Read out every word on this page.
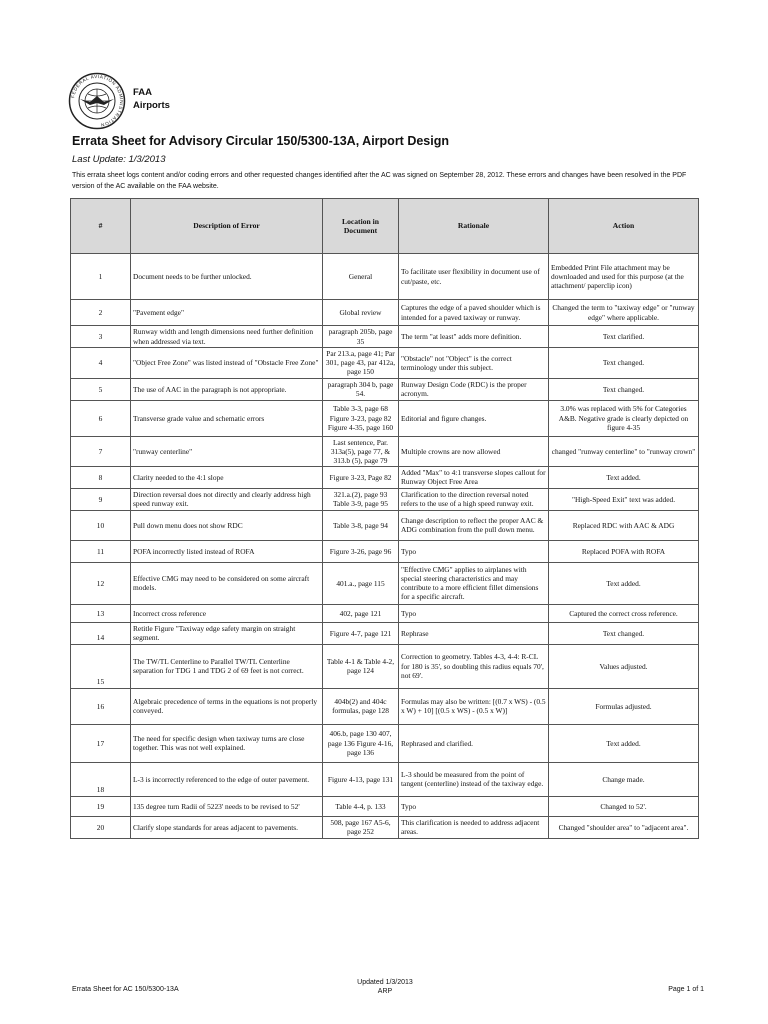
FEDERAL AVIATION ADMINISTRATION
FAA
Airports
Errata Sheet for Advisory Circular 150/5300-13A, Airport Design
Last Update: 1/3/2013
This errata sheet logs content and/or coding errors and other requested changes identified after the AC was signed on September 28, 2012. These errors and changes have been resolved in the PDF version of the AC available on the FAA website.
#	Description of Error	Location in Document	Rationale	Action
1	Document needs to be further unlocked.	General	To facilitate user flexibility in document use of cut/paste, etc.	Embedded Print File attachment may be downloaded and used for this purpose (at the attachment/ paperclip icon)
2	"Pavement edge"	Global review	Captures the edge of a paved shoulder which is intended for a paved taxiway or runway.	Changed the term to "taxiway edge" or "runway edge" where applicable.
3	Runway width and length dimensions need further definition when addressed via text.	paragraph 205b, page 35	The term "at least" adds more definition.	Text clarified.
4	"Object Free Zone" was listed instead of "Obstacle Free Zone"	Par 213.a, page 41; Par 301, page 43, par 412a, page 150	"Obstacle" not "Object" is the correct terminology under this subject.	Text changed.
5	The use of AAC in the paragraph is not appropriate.	paragraph 304 b, page 54.	Runway Design Code (RDC) is the proper acronym.	Text changed.
6	Transverse grade value and schematic errors	Table 3-3, page 68 Figure 3-23, page 82 Figure 4-35, page 160	Editorial and figure changes.	3.0% was replaced with 5% for Categories A&B. Negative grade is clearly depicted on figure 4-35
7	"runway centerline"	Last sentence, Par. 313a(5), page 77, & 313.b (5), page 79	Multiple crowns are now allowed	changed "runway centerline" to "runway crown"
8	Clarity needed to the 4:1 slope	Figure 3-23, Page 82	Added "Max" to 4:1 transverse slopes callout for Runway Object Free Area	Text added.
9	Direction reversal does not directly and clearly address high speed runway exit.	321.a.(2), page 93 Table 3-9, page 95	Clarification to the direction reversal noted refers to the use of a high speed runway exit.	"High-Speed Exit" text was added.
10	Pull down menu does not show RDC	Table 3-8, page 94	Change description to reflect the proper AAC & ADG combination from the pull down menu.	Replaced RDC with AAC & ADG
11	POFA incorrectly listed instead of ROFA	Figure 3-26, page 96	Typo	Replaced POFA with ROFA
12	Effective CMG may need to be considered on some aircraft models.	401.a., page 115	"Effective CMG" applies to airplanes with special steering characteristics and may contribute to a more efficient fillet dimensions for a specific aircraft.	Text added.
13	Incorrect cross reference	402, page 121	Typo	Captured the correct cross reference.
14	Retitle Figure "Taxiway edge safety margin on straight segment.	Figure 4-7, page 121	Rephrase	Text changed.
15	The TW/TL Centerline to Parallel TW/TL Centerline separation for TDG 1 and TDG 2 of 69 feet is not correct.	Table 4-1 & Table 4-2, page 124	Correction to geometry. Tables 4-3, 4-4: R-CL for 180 is 35', so doubling this radius equals 70', not 69'.	Values adjusted.
16	Algebraic precedence of terms in the equations is not properly conveyed.	404b(2) and 404c formulas, page 128	Formulas may also be written: [(0.7 x WS) - (0.5 x W) + 10] [(0.5 x WS) - (0.5 x W)]	Formulas adjusted.
17	The need for specific design when taxiway turns are close together. This was not well explained.	406.b, page 130 407, page 136 Figure 4-16, page 136	Rephrased and clarified.	Text added.
18	L-3 is incorrectly referenced to the edge of outer pavement.	Figure 4-13, page 131	L-3 should be measured from the point of tangent (centerline) instead of the taxiway edge.	Change made.
19	135 degree turn Radii of 5223' needs to be revised to 52'	Table 4-4, p. 133	Typo	Changed to 52'.
20	Clarify slope standards for areas adjacent to pavements.	508, page 167 A5-6, page 252	This clarification is needed to address adjacent areas.	Changed "shoulder area" to "adjacent area".
Errata Sheet for AC 150/5300-13A
Updated 1/3/2013
ARP	Page 1 of 1
